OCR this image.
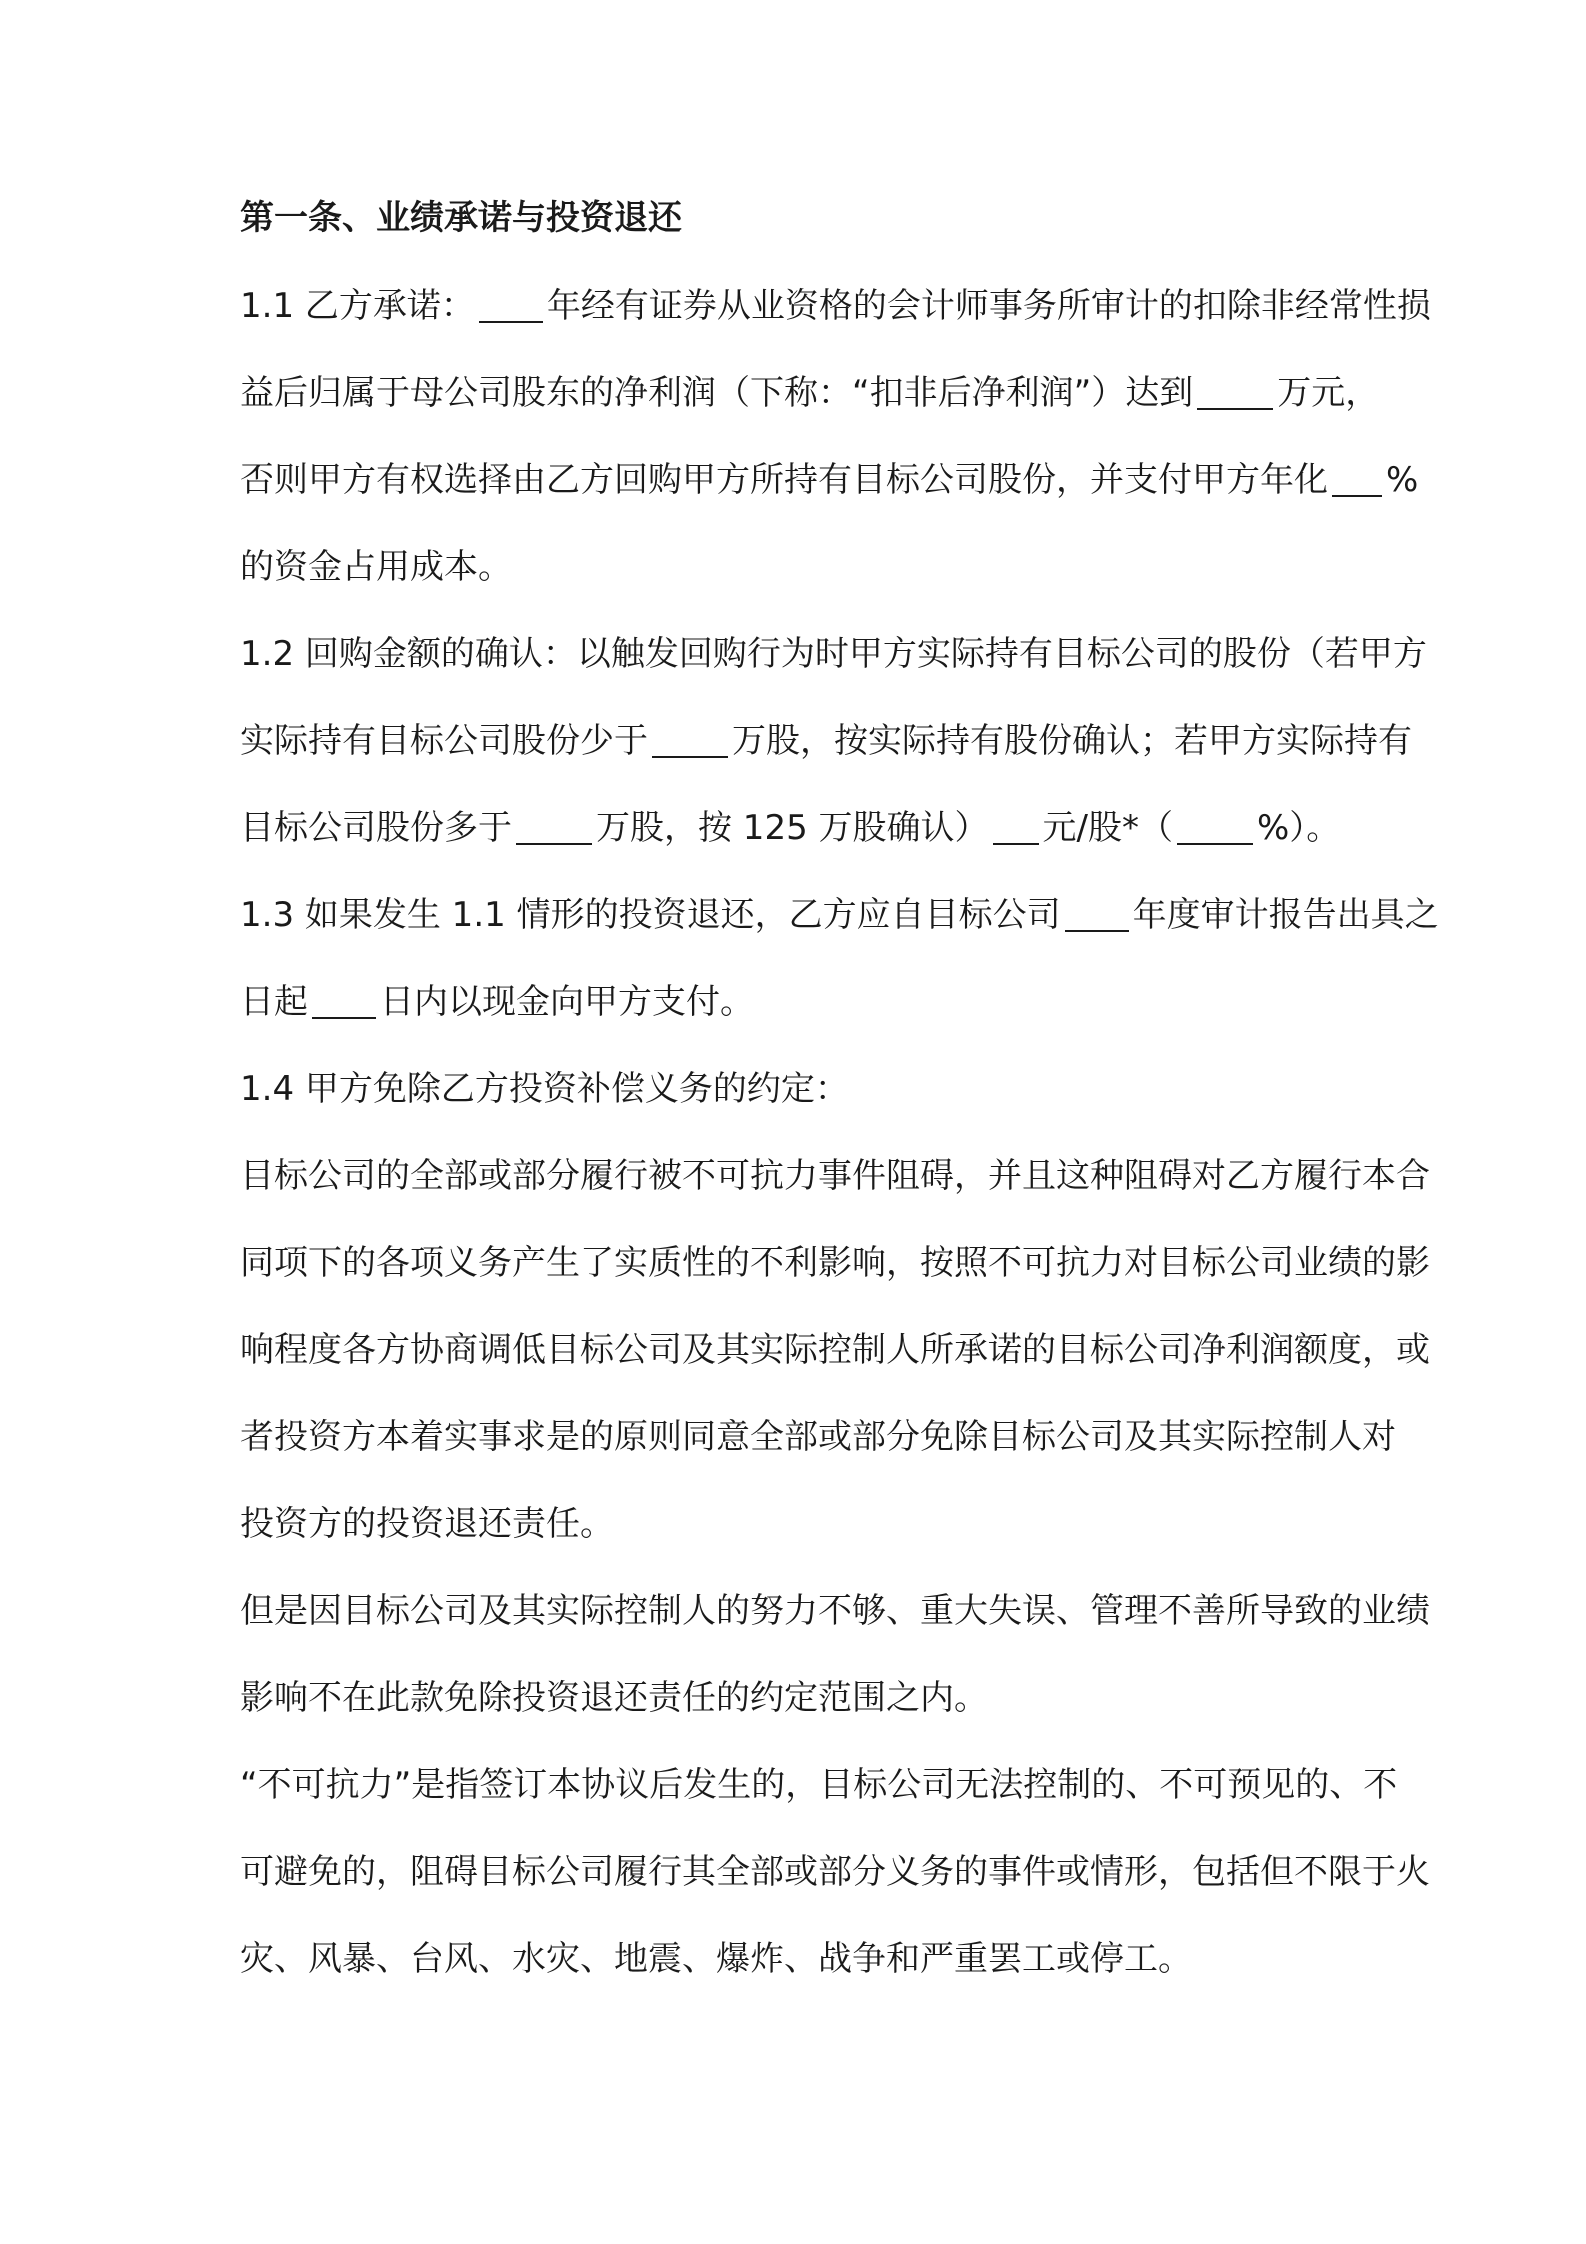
第一条、业绩承诺与投资退还
1.1 乙方承诺： 年经有证券从业资格的会计师事务所审计的扣除非经常性损
益后归属于母公司股东的净利润（下称：“扣非后净利润”）达到 万元，
否则甲方有权选择由乙方回购甲方所持有目标公司股份，并支付甲方年化 %
的资金占用成本。
1.2 回购金额的确认：以触发回购行为时甲方实际持有目标公司的股份（若甲方
实际持有目标公司股份少于 万股，按实际持有股份确认；若甲方实际持有
目标公司股份多于 万股，按 125 万股确认） 元/股*（ %）。
1.3 如果发生 1.1 情形的投资退还，乙方应自目标公司 年度审计报告出具之
日起 日内以现金向甲方支付。
1.4 甲方免除乙方投资补偿义务的约定：
目标公司的全部或部分履行被不可抗力事件阻碍，并且这种阻碍对乙方履行本合
同项下的各项义务产生了实质性的不利影响，按照不可抗力对目标公司业绩的影
响程度各方协商调低目标公司及其实际控制人所承诺的目标公司净利润额度，或
者投资方本着实事求是的原则同意全部或部分免除目标公司及其实际控制人对
投资方的投资退还责任。
但是因目标公司及其实际控制人的努力不够、重大失误、管理不善所导致的业绩
影响不在此款免除投资退还责任的约定范围之内。
“不可抗力”是指签订本协议后发生的，目标公司无法控制的、不可预见的、不
可避免的，阻碍目标公司履行其全部或部分义务的事件或情形，包括但不限于火
灾、风暴、台风、水灾、地震、爆炸、战争和严重罢工或停工。
